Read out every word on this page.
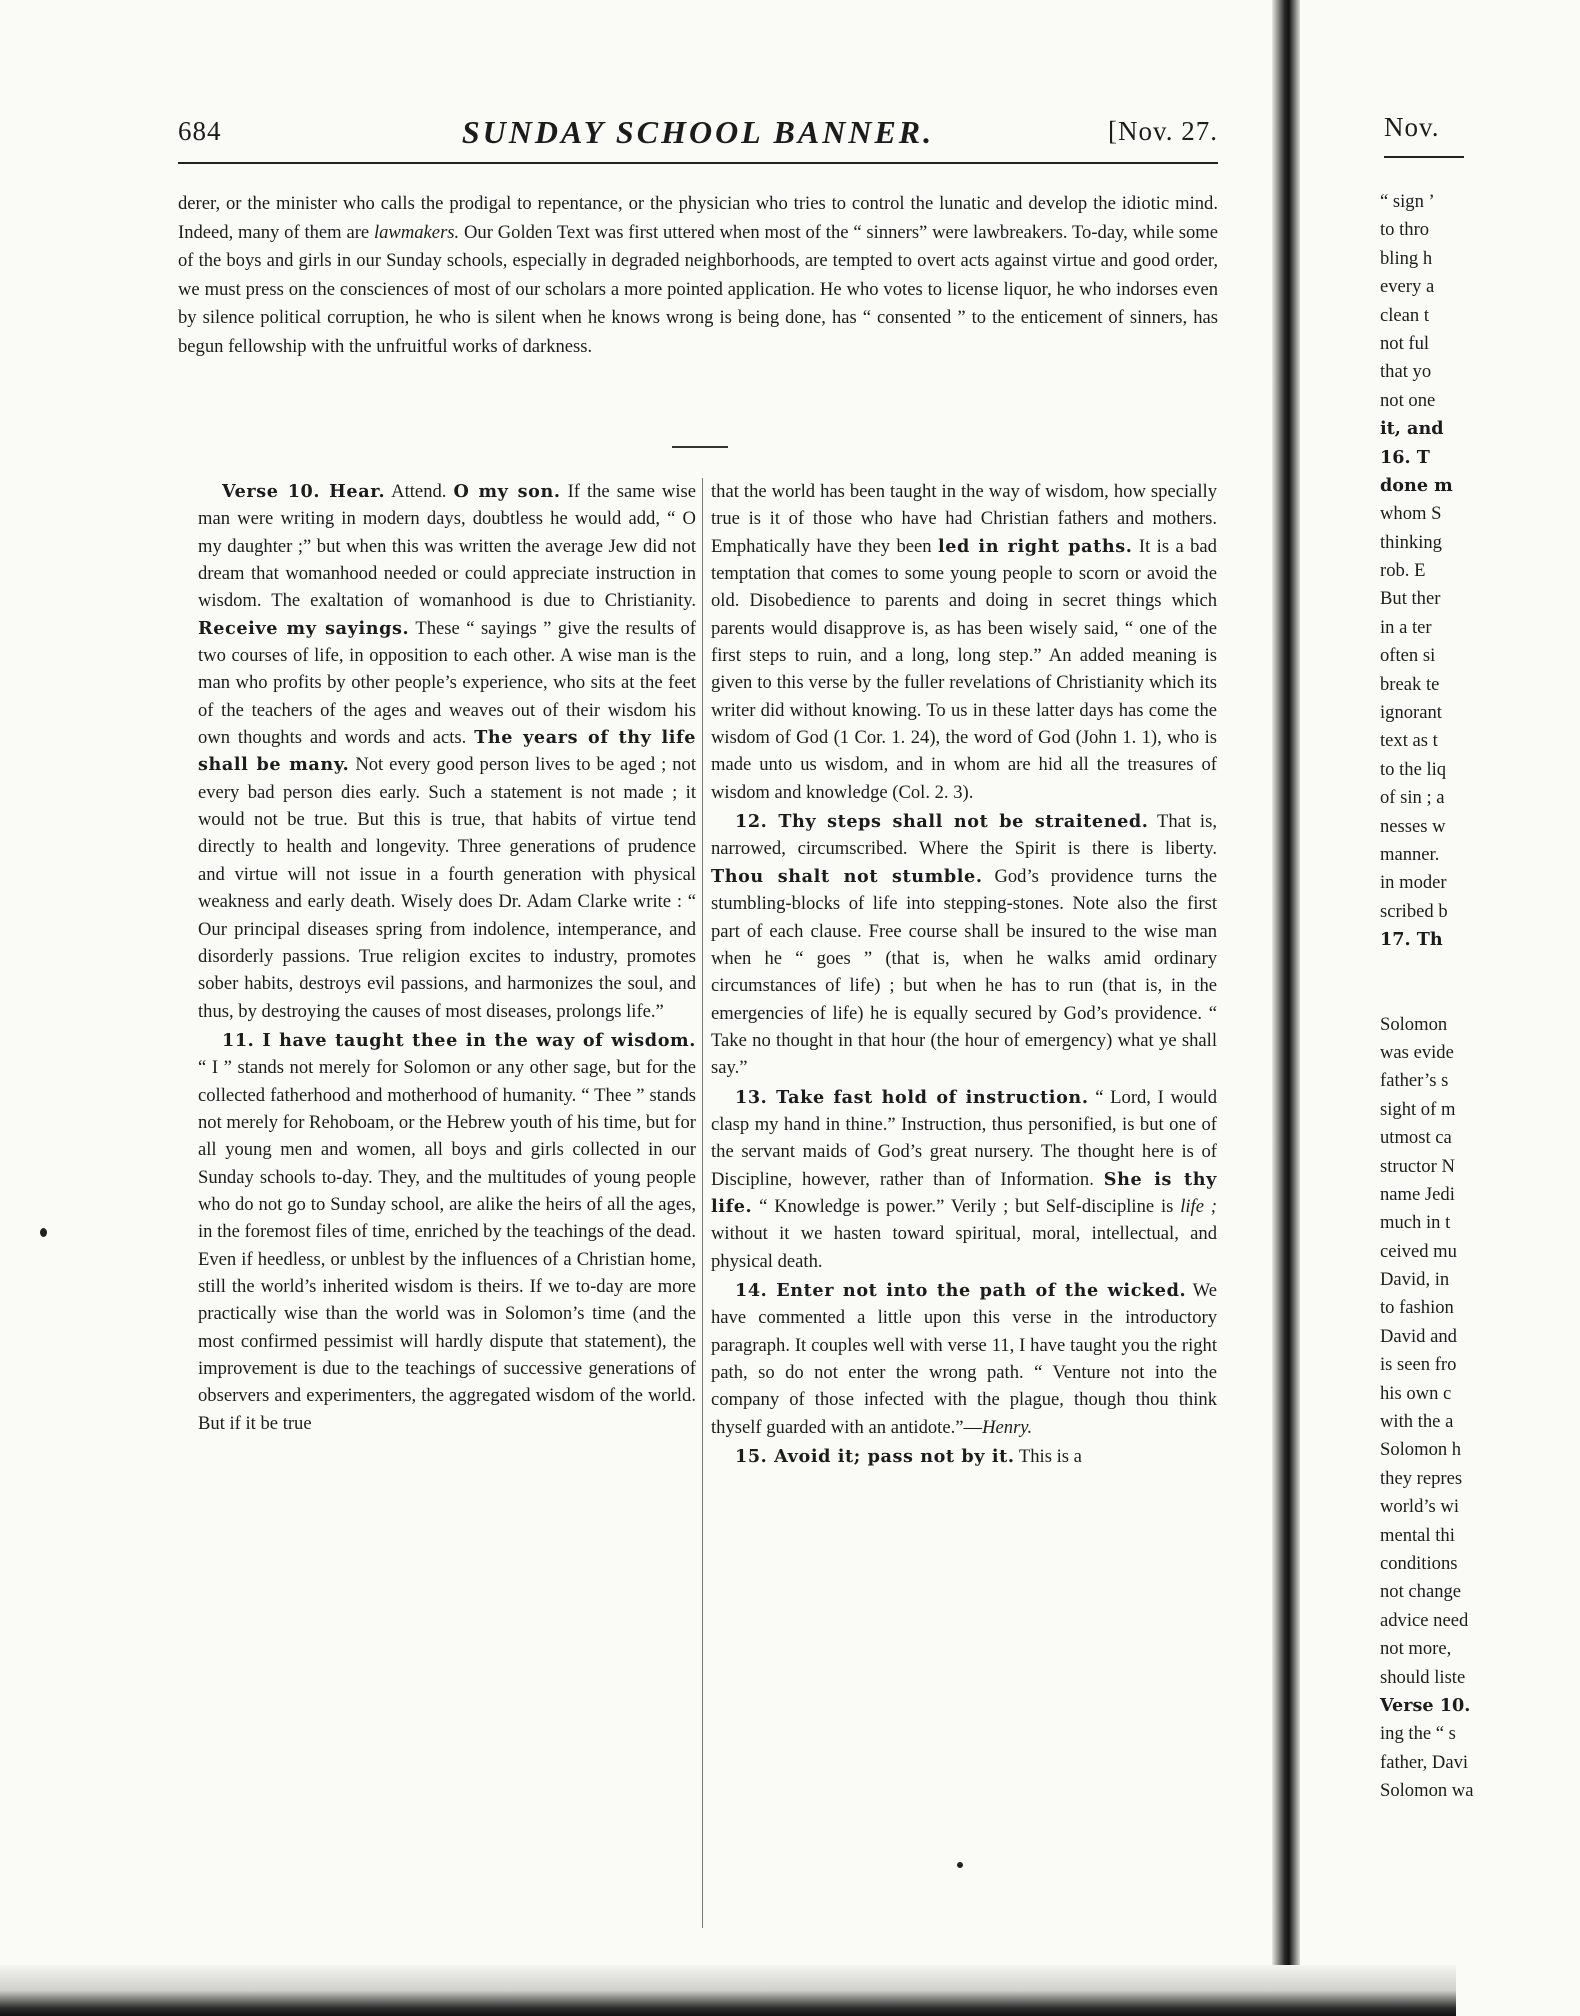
684	SUNDAY SCHOOL BANNER.	[Nov. 27.
derer, or the minister who calls the prodigal to repentance, or the physician who tries to control the lunatic and develop the idiotic mind. Indeed, many of them are lawmakers. Our Golden Text was first uttered when most of the “ sinners” were lawbreakers. To-day, while some of the boys and girls in our Sunday schools, especially in degraded neighborhoods, are tempted to overt acts against virtue and good order, we must press on the consciences of most of our scholars a more pointed application. He who votes to license liquor, he who indorses even by silence political corruption, he who is silent when he knows wrong is being done, has “ consented ” to the enticement of sinners, has begun fellowship with the unfruitful works of darkness.

Verse 10. Hear. Attend. O my son. If the same wise man were writing in modern days, doubtless he would add, “ O my daughter ;” but when this was written the average Jew did not dream that womanhood needed or could appreciate instruction in wisdom. The exaltation of womanhood is due to Christianity. Receive my sayings. These “ sayings ” give the results of two courses of life, in opposition to each other. A wise man is the man who profits by other people’s experience, who sits at the feet of the teachers of the ages and weaves out of their wisdom his own thoughts and words and acts. The years of thy life shall be many. Not every good person lives to be aged ; not every bad person dies early. Such a statement is not made ; it would not be true. But this is true, that habits of virtue tend directly to health and longevity. Three generations of prudence and virtue will not issue in a fourth generation with physical weakness and early death. Wisely does Dr. Adam Clarke write : “ Our principal diseases spring from indolence, intemperance, and disorderly passions. True religion excites to industry, promotes sober habits, destroys evil passions, and harmonizes the soul, and thus, by destroying the causes of most diseases, prolongs life.”

11. I have taught thee in the way of wisdom. “ I ” stands not merely for Solomon or any other sage, but for the collected fatherhood and motherhood of humanity. “ Thee ” stands not merely for Rehoboam, or the Hebrew youth of his time, but for all young men and women, all boys and girls collected in our Sunday schools to-day. They, and the multitudes of young people who do not go to Sunday school, are alike the heirs of all the ages, in the foremost files of time, enriched by the teachings of the dead. Even if heedless, or unblest by the influences of a Christian home, still the world’s inherited wisdom is theirs. If we to-day are more practically wise than the world was in Solomon’s time (and the most confirmed pessimist will hardly dispute that statement), the improvement is due to the teachings of successive generations of observers and experimenters, the aggregated wisdom of the world. But if it be true

that the world has been taught in the way of wisdom, how specially true is it of those who have had Christian fathers and mothers. Emphatically have they been led in right paths. It is a bad temptation that comes to some young people to scorn or avoid the old. Disobedience to parents and doing in secret things which parents would disapprove is, as has been wisely said, “ one of the first steps to ruin, and a long, long step.” An added meaning is given to this verse by the fuller revelations of Christianity which its writer did without knowing. To us in these latter days has come the wisdom of God (1 Cor. 1. 24), the word of God (John 1. 1), who is made unto us wisdom, and in whom are hid all the treasures of wisdom and knowledge (Col. 2. 3).

12. Thy steps shall not be straitened. That is, narrowed, circumscribed. Where the Spirit is there is liberty. Thou shalt not stumble. God’s providence turns the stumbling-blocks of life into stepping-stones. Note also the first part of each clause. Free course shall be insured to the wise man when he “ goes ” (that is, when he walks amid ordinary circumstances of life) ; but when he has to run (that is, in the emergencies of life) he is equally secured by God’s providence. “ Take no thought in that hour (the hour of emergency) what ye shall say.”

13. Take fast hold of instruction. “ Lord, I would clasp my hand in thine.” Instruction, thus personified, is but one of the servant maids of God’s great nursery. The thought here is of Discipline, however, rather than of Information. She is thy life. “ Knowledge is power.” Verily ; but Self-discipline is life ; without it we hasten toward spiritual, moral, intellectual, and physical death.

14. Enter not into the path of the wicked. We have commented a little upon this verse in the introductory paragraph. It couples well with verse 11, I have taught you the right path, so do not enter the wrong path. “ Venture not into the company of those infected with the plague, though thou think thyself guarded with an antidote.”—Henry.

15. Avoid it; pass not by it. This is a

Nov.
“ sign ’
to thro
bling h
every a
clean t
not ful
that yo
not one
it, and
16. T
done m
whom S
thinking
rob. E
But ther
in a ter
often si
break te
ignorant
text as t
to the liq
of sin ; a
nesses w
manner.
in moder
scribed b
17. Th
Solomon
was evide
father’s s
sight of m
utmost ca
structor N
name Jedi
much in t
ceived mu
David, in
to fashion
David and
is seen fro
his own c
with the a
Solomon h
they repres
world’s wi
mental thi
conditions
not change
advice need
not more,
should liste
Verse 10.
ing the “ s
father, Davi
Solomon wa
